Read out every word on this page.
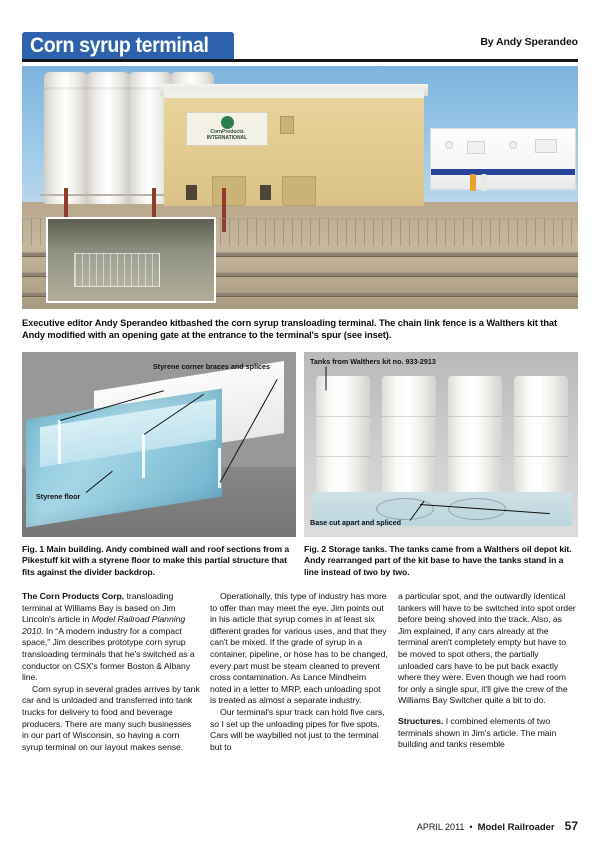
Corn syrup terminal	By Andy Sperandeo
CornProducts
INTERNATIONAL
Executive editor Andy Sperandeo kitbashed the corn syrup transloading terminal. The chain link fence is a Walthers kit that Andy modified with an opening gate at the entrance to the terminal's spur (see inset).
Styrene corner braces and splices
Styrene floor
Tanks from Walthers kit no. 933-2913
Base cut apart and spliced
Fig. 1 Main building. Andy combined wall and roof sections from a Pikestuff kit with a styrene floor to make this partial structure that fits against the divider backdrop.
Fig. 2 Storage tanks. The tanks came from a Walthers oil depot kit. Andy rearranged part of the kit base to have the tanks stand in a line instead of two by two.

The Corn Products Corp. transloading terminal at Williams Bay is based on Jim Lincoln's article in Model Railroad Planning 2010. In “A modern industry for a compact space,” Jim describes prototype corn syrup transloading terminals that he's switched as a conductor on CSX's former Boston & Albany line.

Corn syrup in several grades arrives by tank car and is unloaded and transferred into tank trucks for delivery to food and beverage producers. There are many such businesses in our part of Wisconsin, so having a corn syrup terminal on our layout makes sense.

Operationally, this type of industry has more to offer than may meet the eye. Jim points out in his article that syrup comes in at least six different grades for various uses, and that they can't be mixed. If the grade of syrup in a container, pipeline, or hose has to be changed, every part must be steam cleaned to prevent cross contamination. As Lance Mindheim noted in a letter to MRP, each unloading spot is treated as almost a separate industry.

Our terminal's spur track can hold five cars, so I set up the unloading pipes for five spots. Cars will be waybilled not just to the terminal but to

a particular spot, and the outwardly identical tankers will have to be switched into spot order before being shoved into the track. Also, as Jim explained, if any cars already at the terminal aren't completely empty but have to be moved to spot others, the partially unloaded cars have to be put back exactly where they were. Even though we had room for only a single spur, it'll give the crew of the Williams Bay Switcher quite a bit to do.

Structures. I combined elements of two terminals shown in Jim's article. The main building and tanks resemble

APRIL 2011 • Model Railroader 57
